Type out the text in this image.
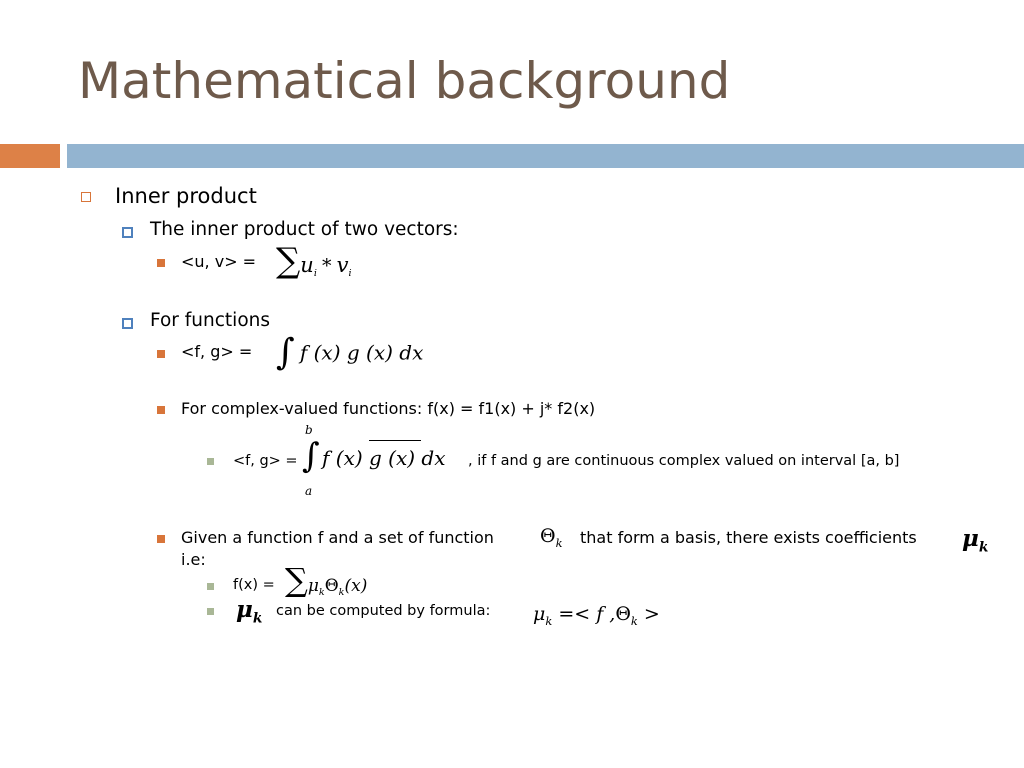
Mathematical background
Inner product
The inner product of two vectors:
<u, $v> = \sum u_i * v_i$
For functions
<f, g> = ∫ f (x) g (x) dx
For complex-valued functions: f(x) = f1(x) + j* f2(x)
<f, g> =
b
a
∫ f (x) g (x) dx , if f and g are continuous complex valued on interval [a, b]
Given a function f and a set of function $\Theta_k$ that form a basis, there exists coefficients $\mu_k$
i.e:
$f(x) = \sum\mu_k\Theta_k(x)$
$\mu_k$ can be computed by formula: $\mu_k =< f$ $,\Theta_k$ >
